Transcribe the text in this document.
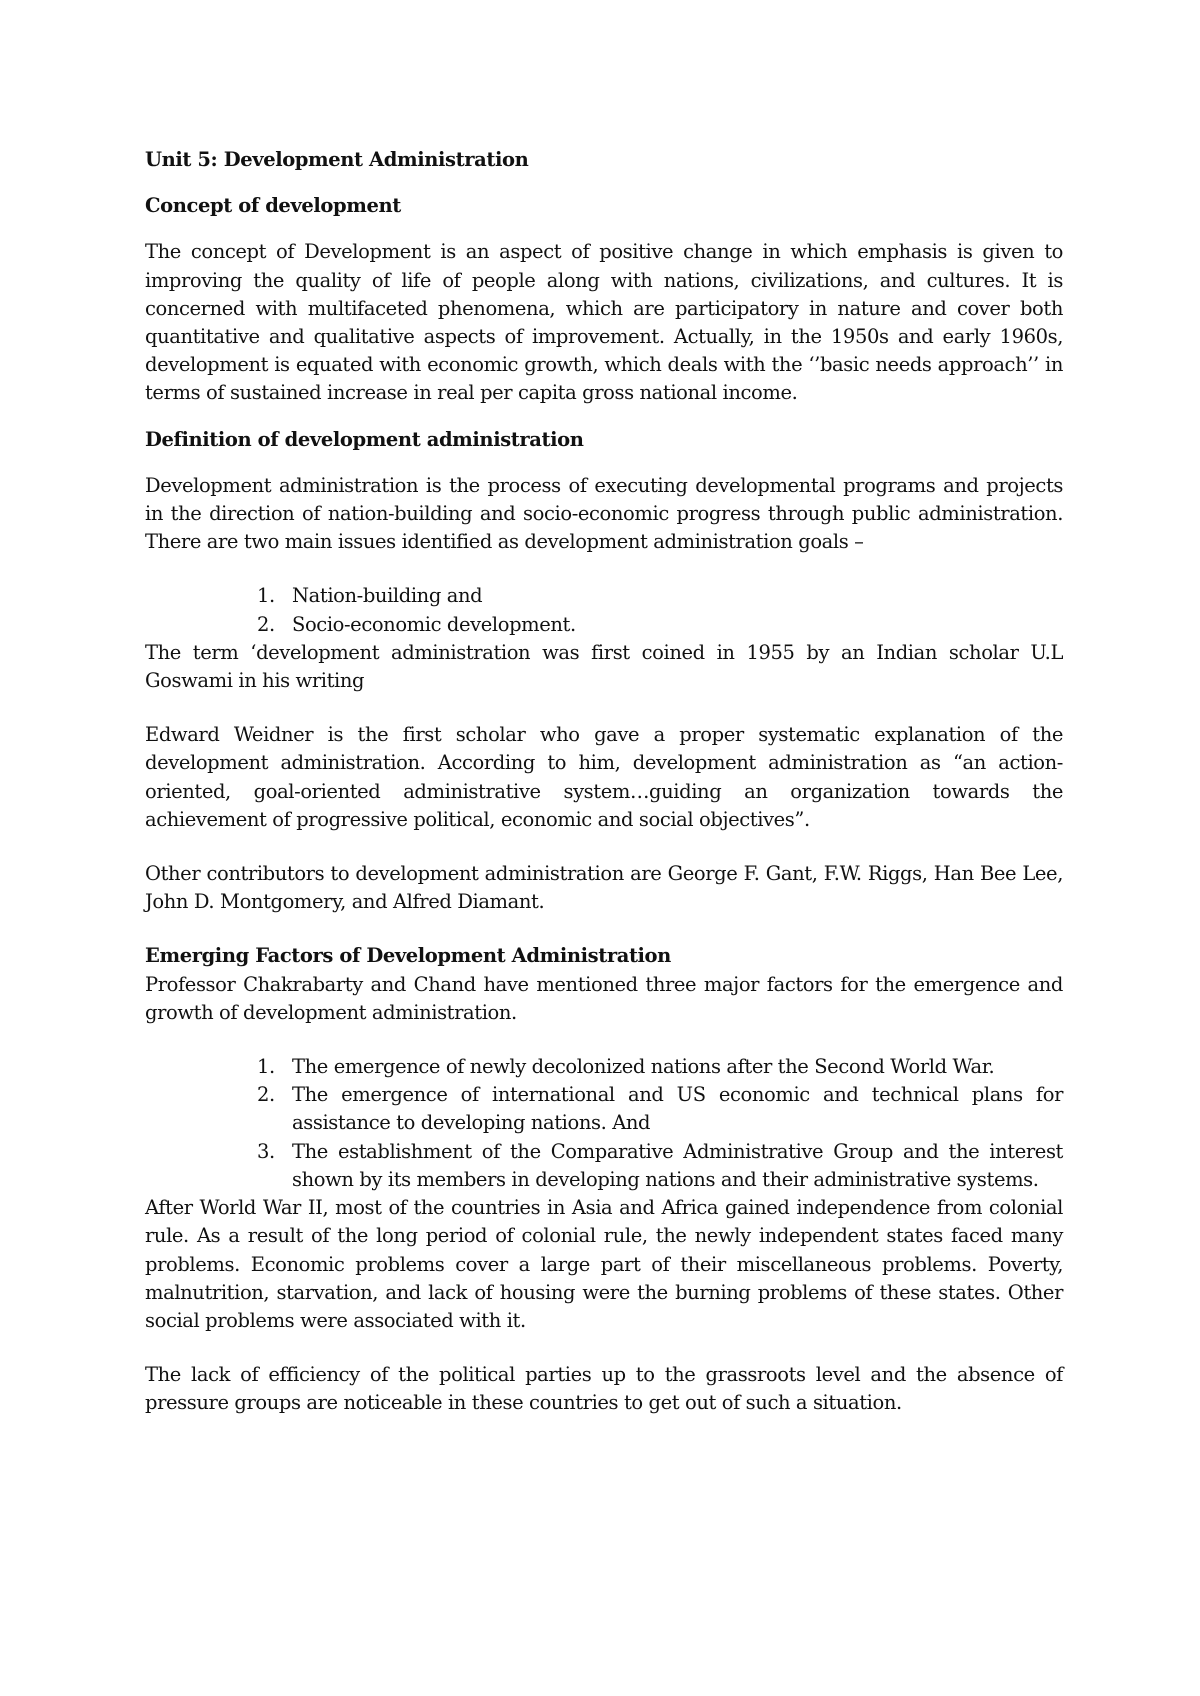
Unit 5: Development Administration
Concept of development

The concept of Development is an aspect of positive change in which emphasis is given to improving the quality of life of people along with nations, civilizations, and cultures. It is concerned with multifaceted phenomena, which are participatory in nature and cover both quantitative and qualitative aspects of improvement. Actually, in the 1950s and early 1960s, development is equated with economic growth, which deals with the ‘’basic needs approach’’ in terms of sustained increase in real per capita gross national income.

Definition of development administration

Development administration is the process of executing developmental programs and projects in the direction of nation-building and socio-economic progress through public administration. There are two main issues identified as development administration goals –

1. Nation-building and
2. Socio-economic development.

The term ‘development administration was first coined in 1955 by an Indian scholar U.L Goswami in his writing

Edward Weidner is the first scholar who gave a proper systematic explanation of the development administration. According to him, development administration as “an action-oriented, goal-oriented administrative system…guiding an organization towards the achievement of progressive political, economic and social objectives”.

Other contributors to development administration are George F. Gant, F.W. Riggs, Han Bee Lee, John D. Montgomery, and Alfred Diamant.

Emerging Factors of Development Administration

Professor Chakrabarty and Chand have mentioned three major factors for the emergence and growth of development administration.

1. The emergence of newly decolonized nations after the Second World War.
2. The emergence of international and US economic and technical plans for assistance to developing nations. And
3. The establishment of the Comparative Administrative Group and the interest shown by its members in developing nations and their administrative systems.

After World War II, most of the countries in Asia and Africa gained independence from colonial rule. As a result of the long period of colonial rule, the newly independent states faced many problems. Economic problems cover a large part of their miscellaneous problems. Poverty, malnutrition, starvation, and lack of housing were the burning problems of these states. Other social problems were associated with it.

The lack of efficiency of the political parties up to the grassroots level and the absence of pressure groups are noticeable in these countries to get out of such a situation.
